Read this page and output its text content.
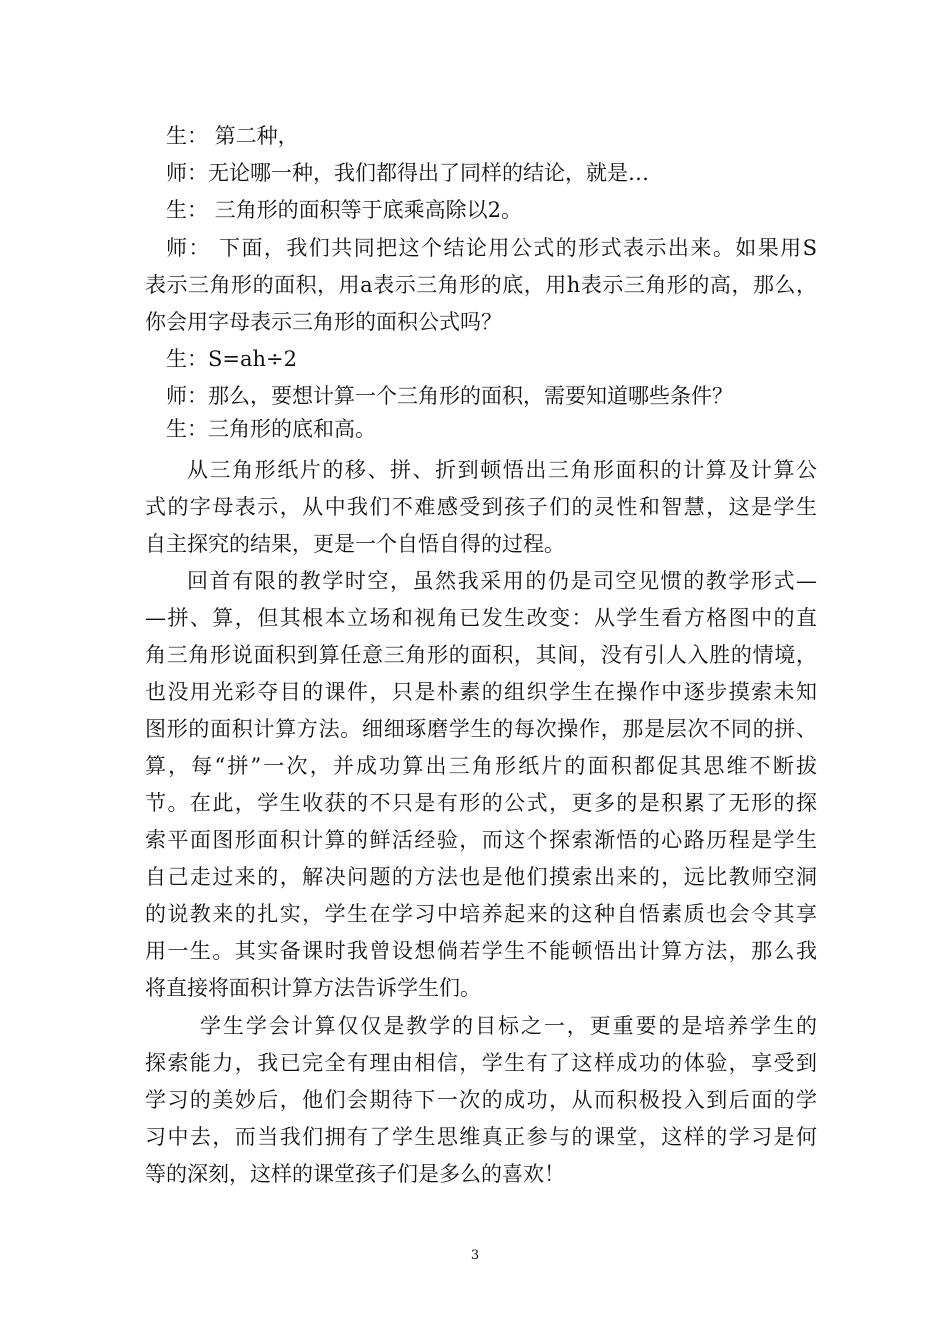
生： 第二种，
师：无论哪一种，我们都得出了同样的结论，就是…
生： 三角形的面积等于底乘高除以2。
师： 下面，我们共同把这个结论用公式的形式表示出来。如果用S
表示三角形的面积，用a表示三角形的底，用h表示三角形的高，那么，
你会用字母表示三角形的面积公式吗？
生：S=ah÷2
师：那么，要想计算一个三角形的面积，需要知道哪些条件？
生：三角形的底和高。
从三角形纸片的移、拼、折到顿悟出三角形面积的计算及计算公
式的字母表示，从中我们不难感受到孩子们的灵性和智慧，这是学生
自主探究的结果，更是一个自悟自得的过程。
回首有限的教学时空，虽然我采用的仍是司空见惯的教学形式—
—拼、算，但其根本立场和视角已发生改变：从学生看方格图中的直
角三角形说面积到算任意三角形的面积，其间，没有引人入胜的情境，
也没用光彩夺目的课件，只是朴素的组织学生在操作中逐步摸索未知
图形的面积计算方法。细细琢磨学生的每次操作，那是层次不同的拼、
算，每“拼”一次，并成功算出三角形纸片的面积都促其思维不断拔
节。在此，学生收获的不只是有形的公式，更多的是积累了无形的探
索平面图形面积计算的鲜活经验，而这个探索渐悟的心路历程是学生
自己走过来的，解决问题的方法也是他们摸索出来的，远比教师空洞
的说教来的扎实，学生在学习中培养起来的这种自悟素质也会令其享
用一生。其实备课时我曾设想倘若学生不能顿悟出计算方法，那么我
将直接将面积计算方法告诉学生们。
学生学会计算仅仅是教学的目标之一，更重要的是培养学生的
探索能力，我已完全有理由相信，学生有了这样成功的体验，享受到
学习的美妙后，他们会期待下一次的成功，从而积极投入到后面的学
习中去，而当我们拥有了学生思维真正参与的课堂，这样的学习是何
等的深刻，这样的课堂孩子们是多么的喜欢！
3
